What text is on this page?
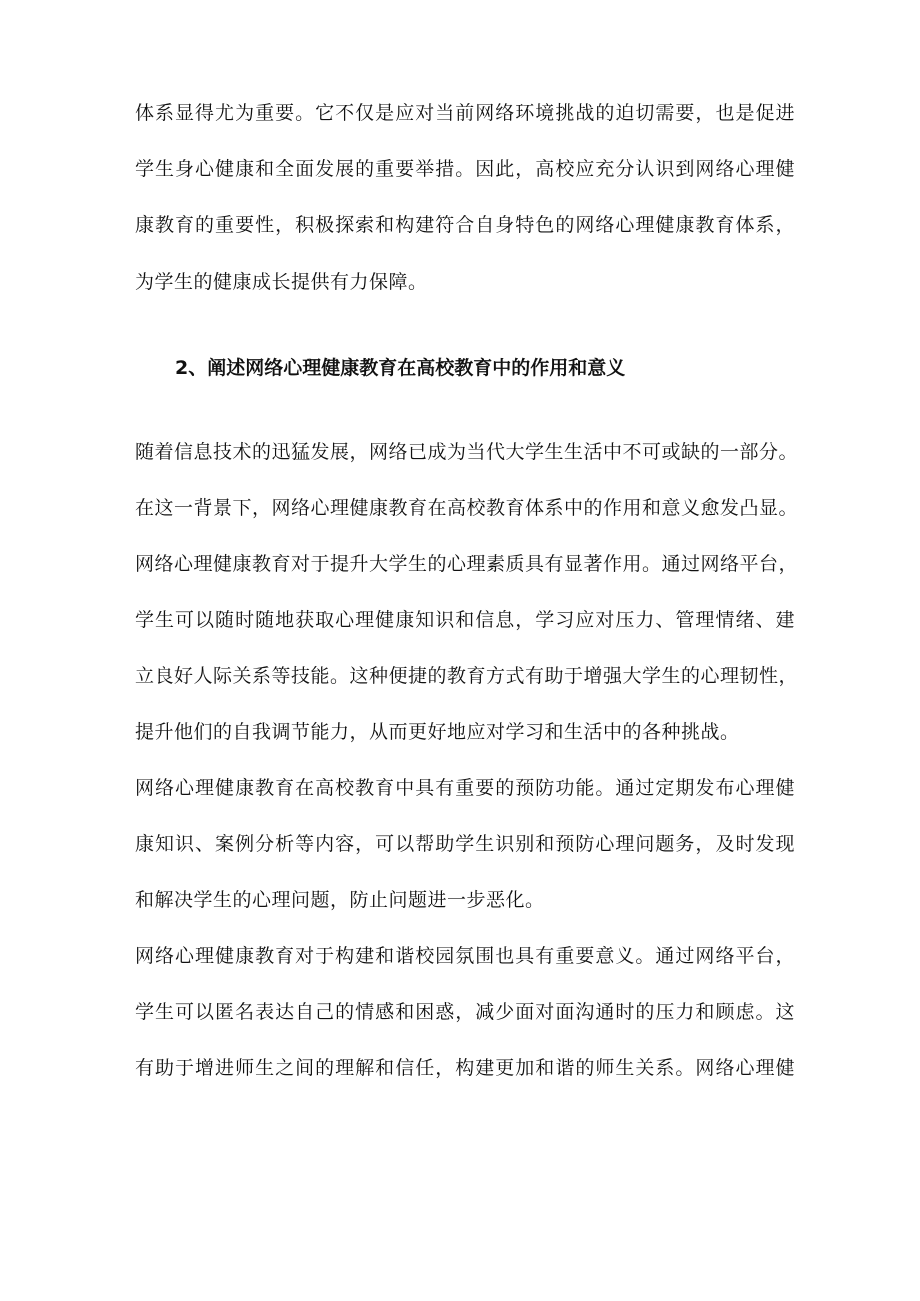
体系显得尤为重要。它不仅是应对当前网络环境挑战的迫切需要，也是促进

学生身心健康和全面发展的重要举措。因此，高校应充分认识到网络心理健

康教育的重要性，积极探索和构建符合自身特色的网络心理健康教育体系，

为学生的健康成长提供有力保障。

2、阐述网络心理健康教育在高校教育中的作用和意义

随着信息技术的迅猛发展，网络已成为当代大学生生活中不可或缺的一部分。

在这一背景下，网络心理健康教育在高校教育体系中的作用和意义愈发凸显。

网络心理健康教育对于提升大学生的心理素质具有显著作用。通过网络平台，

学生可以随时随地获取心理健康知识和信息，学习应对压力、管理情绪、建

立良好人际关系等技能。这种便捷的教育方式有助于增强大学生的心理韧性，

提升他们的自我调节能力，从而更好地应对学习和生活中的各种挑战。

网络心理健康教育在高校教育中具有重要的预防功能。通过定期发布心理健

康知识、案例分析等内容，可以帮助学生识别和预防心理问题务，及时发现

和解决学生的心理问题，防止问题进一步恶化。

网络心理健康教育对于构建和谐校园氛围也具有重要意义。通过网络平台，

学生可以匿名表达自己的情感和困惑，减少面对面沟通时的压力和顾虑。这

有助于增进师生之间的理解和信任，构建更加和谐的师生关系。网络心理健
